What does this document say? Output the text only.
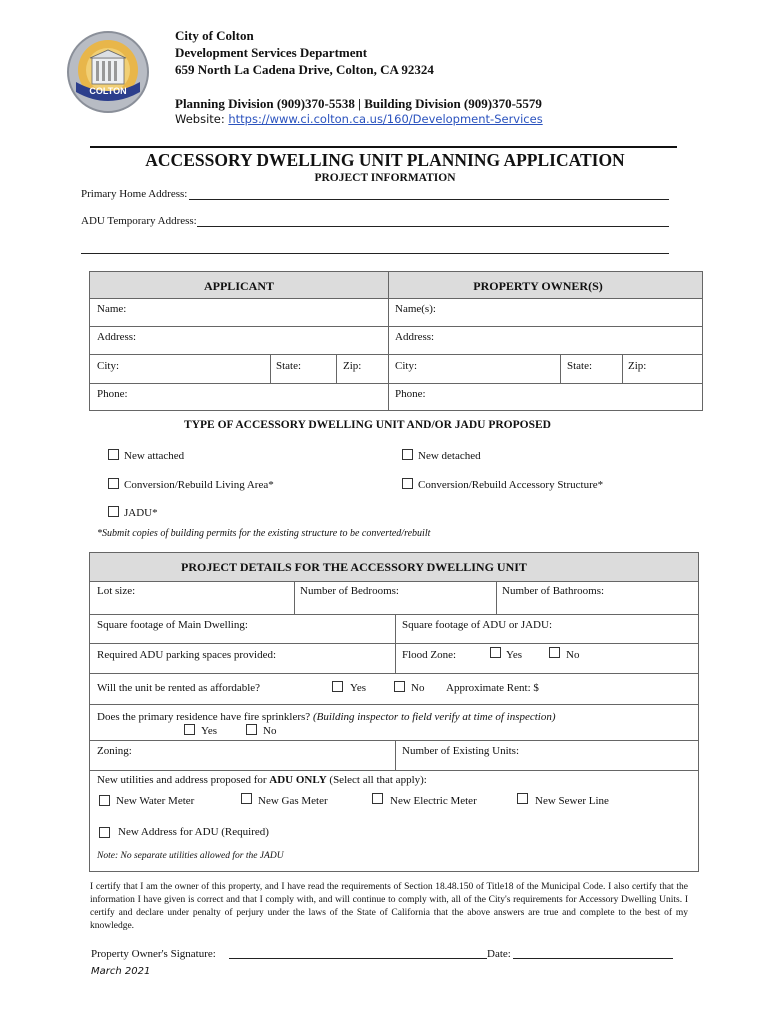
COLTON
City of Colton
Development Services Department
659 North La Cadena Drive, Colton, CA 92324
Planning Division (909)370-5538 | Building Division (909)370-5579
Website: https://www.ci.colton.ca.us/160/Development-Services
ACCESSORY DWELLING UNIT PLANNING APPLICATION
PROJECT INFORMATION
Primary Home Address:
ADU Temporary Address:
APPLICANT	PROPERTY OWNER(S)
Name:	Name(s):
Address:	Address:
City:	State:	Zip:	City:	State:	Zip:
Phone:	Phone:
TYPE OF ACCESSORY DWELLING UNIT AND/OR JADU PROPOSED
New attached	New detached
Conversion/Rebuild Living Area*	Conversion/Rebuild Accessory Structure*
JADU*
*Submit copies of building permits for the existing structure to be converted/rebuilt
PROJECT DETAILS FOR THE ACCESSORY DWELLING UNIT
Lot size:	Number of Bedrooms:	Number of Bathrooms:
Square footage of Main Dwelling:	Square footage of ADU or JADU:
Required ADU parking spaces provided:	Flood Zone:	Yes	No
Will the unit be rented as affordable?	Yes	No Approximate Rent: $
Does the primary residence have fire sprinklers? (Building inspector to field verify at time of inspection)
Yes	No
Zoning:	Number of Existing Units:
New utilities and address proposed for ADU ONLY (Select all that apply):
New Water Meter	New Gas Meter	New Electric Meter	New Sewer Line
New Address for ADU (Required)
Note: No separate utilities allowed for the JADU
I certify that I am the owner of this property, and I have read the requirements of Section 18.48.150 of Title18 of the Municipal Code. I also certify that the information I have given is correct and that I comply with, and will continue to comply with, all of the City's requirements for Accessory Dwelling Units. I certify and declare under penalty of perjury under the laws of the State of California that the above answers are true and complete to the best of my knowledge.
Property Owner's Signature:	Date:
March 2021
